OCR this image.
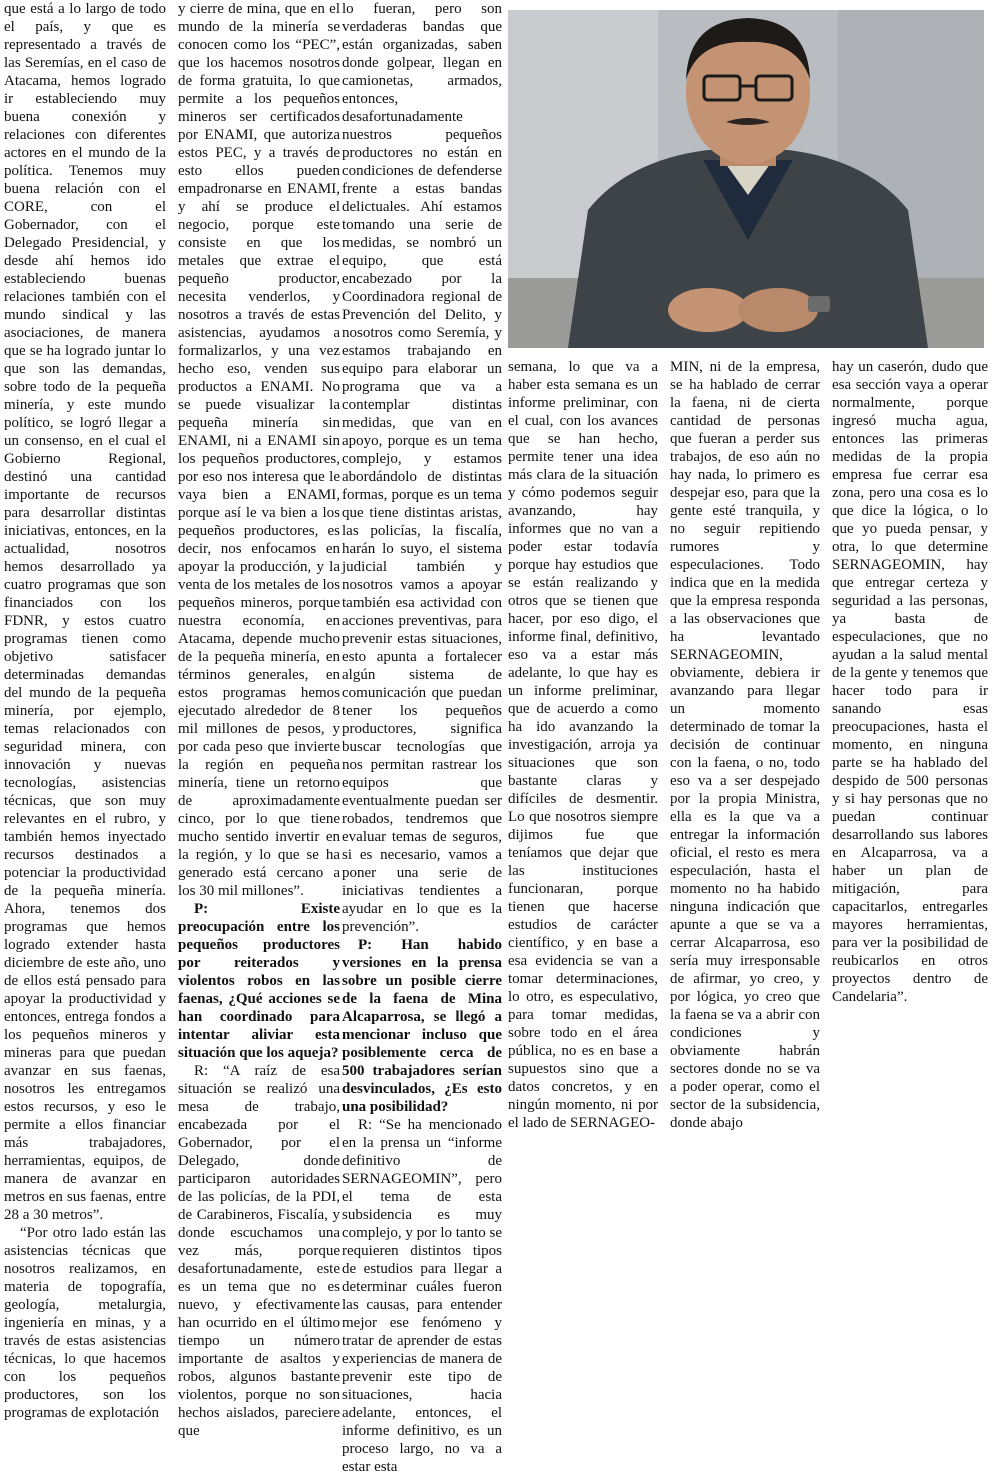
que está a lo largo de todo el país, y que es representado a través de las Seremías, en el caso de Atacama, hemos logrado ir estableciendo muy buena conexión y relaciones con diferentes actores en el mundo de la política. Tenemos muy buena relación con el CORE, con el Gobernador, con el Delegado Presidencial, y desde ahí hemos ido estableciendo buenas relaciones también con el mundo sindical y las asociaciones, de manera que se ha logrado juntar lo que son las demandas, sobre todo de la pequeña minería, y este mundo político, se logró llegar a un consenso, en el cual el Gobierno Regional, destinó una cantidad importante de recursos para desarrollar distintas iniciativas, entonces, en la actualidad, nosotros hemos desarrollado ya cuatro programas que son financiados con los FDNR, y estos cuatro programas tienen como objetivo satisfacer determinadas demandas del mundo de la pequeña minería, por ejemplo, temas relacionados con seguridad minera, con innovación y nuevas tecnologías, asistencias técnicas, que son muy relevantes en el rubro, y también hemos inyectado recursos destinados a potenciar la productividad de la pequeña minería. Ahora, tenemos dos programas que hemos logrado extender hasta diciembre de este año, uno de ellos está pensado para apoyar la productividad y entonces, entrega fondos a los pequeños mineros y mineras para que puedan avanzar en sus faenas, nosotros les entregamos estos recursos, y eso le permite a ellos financiar más trabajadores, herramientas, equipos, de manera de avanzar en metros en sus faenas, entre 28 a 30 metros”.

“Por otro lado están las asistencias técnicas que nosotros realizamos, en materia de topografía, geología, metalurgia, ingeniería en minas, y a través de estas asistencias técnicas, lo que hacemos con los pequeños productores, son los programas de explotación

y cierre de mina, que en el mundo de la minería se conocen como los “PEC”, que los hacemos nosotros de forma gratuita, lo que permite a los pequeños mineros ser certificados por ENAMI, que autoriza estos PEC, y a través de esto ellos pueden empadronarse en ENAMI, y ahí se produce el negocio, porque este consiste en que los metales que extrae el pequeño productor, necesita venderlos, y nosotros a través de estas asistencias, ayudamos a formalizarlos, y una vez hecho eso, venden sus productos a ENAMI. No se puede visualizar la pequeña minería sin ENAMI, ni a ENAMI sin los pequeños productores, por eso nos interesa que le vaya bien a ENAMI, porque así le va bien a los pequeños productores, es decir, nos enfocamos en apoyar la producción, y la venta de los metales de los pequeños mineros, porque nuestra economía, en Atacama, depende mucho de la pequeña minería, en términos generales, en estos programas hemos ejecutado alrededor de 8 mil millones de pesos, y por cada peso que invierte la región en pequeña minería, tiene un retorno de aproximadamente cinco, por lo que tiene mucho sentido invertir en la región, y lo que se ha generado está cercano a los 30 mil millones”.

P: Existe preocupación entre los pequeños productores por reiterados y violentos robos en las faenas, ¿Qué acciones se han coordinado para intentar aliviar esta situación que los aqueja?

R: “A raíz de esa situación se realizó una mesa de trabajo, encabezada por el Gobernador, por el Delegado, donde participaron autoridades de las policías, de la PDI, de Carabineros, Fiscalía, y donde escuchamos una vez más, porque desafortunadamente, este es un tema que no es nuevo, y efectivamente han ocurrido en el último tiempo un número importante de asaltos y robos, algunos bastante violentos, porque no son hechos aislados, pareciere que

lo fueran, pero son verdaderas bandas que están organizadas, saben donde golpear, llegan en camionetas, armados, entonces, desafortunadamente nuestros pequeños productores no están en condiciones de defenderse frente a estas bandas delictuales. Ahí estamos tomando una serie de medidas, se nombró un equipo, que está encabezado por la Coordinadora regional de Prevención del Delito, y nosotros como Seremía, y estamos trabajando en equipo para elaborar un programa que va a contemplar distintas medidas, que van en apoyo, porque es un tema complejo, y estamos abordándolo de distintas formas, porque es un tema que tiene distintas aristas, las policías, la fiscalía, harán lo suyo, el sistema judicial también y nosotros vamos a apoyar también esa actividad con acciones preventivas, para prevenir estas situaciones, esto apunta a fortalecer algún sistema de comunicación que puedan tener los pequeños productores, significa buscar tecnologías que nos permitan rastrear los equipos que eventualmente puedan ser robados, tendremos que evaluar temas de seguros, si es necesario, vamos a poner una serie de iniciativas tendientes a ayudar en lo que es la prevención”.

P: Han habido versiones en la prensa sobre un posible cierre de la faena de Mina Alcaparrosa, se llegó a mencionar incluso que posiblemente cerca de 500 trabajadores serían desvinculados, ¿Es esto una posibilidad?

R: “Se ha mencionado en la prensa un “informe definitivo de SERNAGEOMIN”, pero el tema de esta subsidencia es muy complejo, y por lo tanto se requieren distintos tipos de estudios para llegar a determinar cuáles fueron las causas, para entender mejor ese fenómeno y tratar de aprender de estas experiencias de manera de prevenir este tipo de situaciones, hacia adelante, entonces, el informe definitivo, es un proceso largo, no va a estar esta

semana, lo que va a haber esta semana es un informe preliminar, con el cual, con los avances que se han hecho, permite tener una idea más clara de la situación y cómo podemos seguir avanzando, hay informes que no van a poder estar todavía porque hay estudios que se están realizando y otros que se tienen que hacer, por eso digo, el informe final, definitivo, eso va a estar más adelante, lo que hay es un informe preliminar, que de acuerdo a como ha ido avanzando la investigación, arroja ya situaciones que son bastante claras y difíciles de desmentir. Lo que nosotros siempre dijimos fue que teníamos que dejar que las instituciones funcionaran, porque tienen que hacerse estudios de carácter científico, y en base a esa evidencia se van a tomar determinaciones, lo otro, es especulativo, para tomar medidas, sobre todo en el área pública, no es en base a supuestos sino que a datos concretos, y en ningún momento, ni por el lado de SERNAGEO-

MIN, ni de la empresa, se ha hablado de cerrar la faena, ni de cierta cantidad de personas que fueran a perder sus trabajos, de eso aún no hay nada, lo primero es despejar eso, para que la gente esté tranquila, y no seguir repitiendo rumores y especulaciones. Todo indica que en la medida que la empresa responda a las observaciones que ha levantado SERNAGEOMIN, obviamente, debiera ir avanzando para llegar un momento determinado de tomar la decisión de continuar con la faena, o no, todo eso va a ser despejado por la propia Ministra, ella es la que va a entregar la información oficial, el resto es mera especulación, hasta el momento no ha habido ninguna indicación que apunte a que se va a cerrar Alcaparrosa, eso sería muy irresponsable de afirmar, yo creo, y por lógica, yo creo que la faena se va a abrir con condiciones y obviamente habrán sectores donde no se va a poder operar, como el sector de la subsidencia, donde abajo

hay un caserón, dudo que esa sección vaya a operar normalmente, porque ingresó mucha agua, entonces las primeras medidas de la propia empresa fue cerrar esa zona, pero una cosa es lo que dice la lógica, o lo que yo pueda pensar, y otra, lo que determine SERNAGEOMIN, hay que entregar certeza y seguridad a las personas, ya basta de especulaciones, que no ayudan a la salud mental de la gente y tenemos que hacer todo para ir sanando esas preocupaciones, hasta el momento, en ninguna parte se ha hablado del despido de 500 personas y si hay personas que no puedan continuar desarrollando sus labores en Alcaparrosa, va a haber un plan de mitigación, para capacitarlos, entregarles mayores herramientas, para ver la posibilidad de reubicarlos en otros proyectos dentro de Candelaria”.
